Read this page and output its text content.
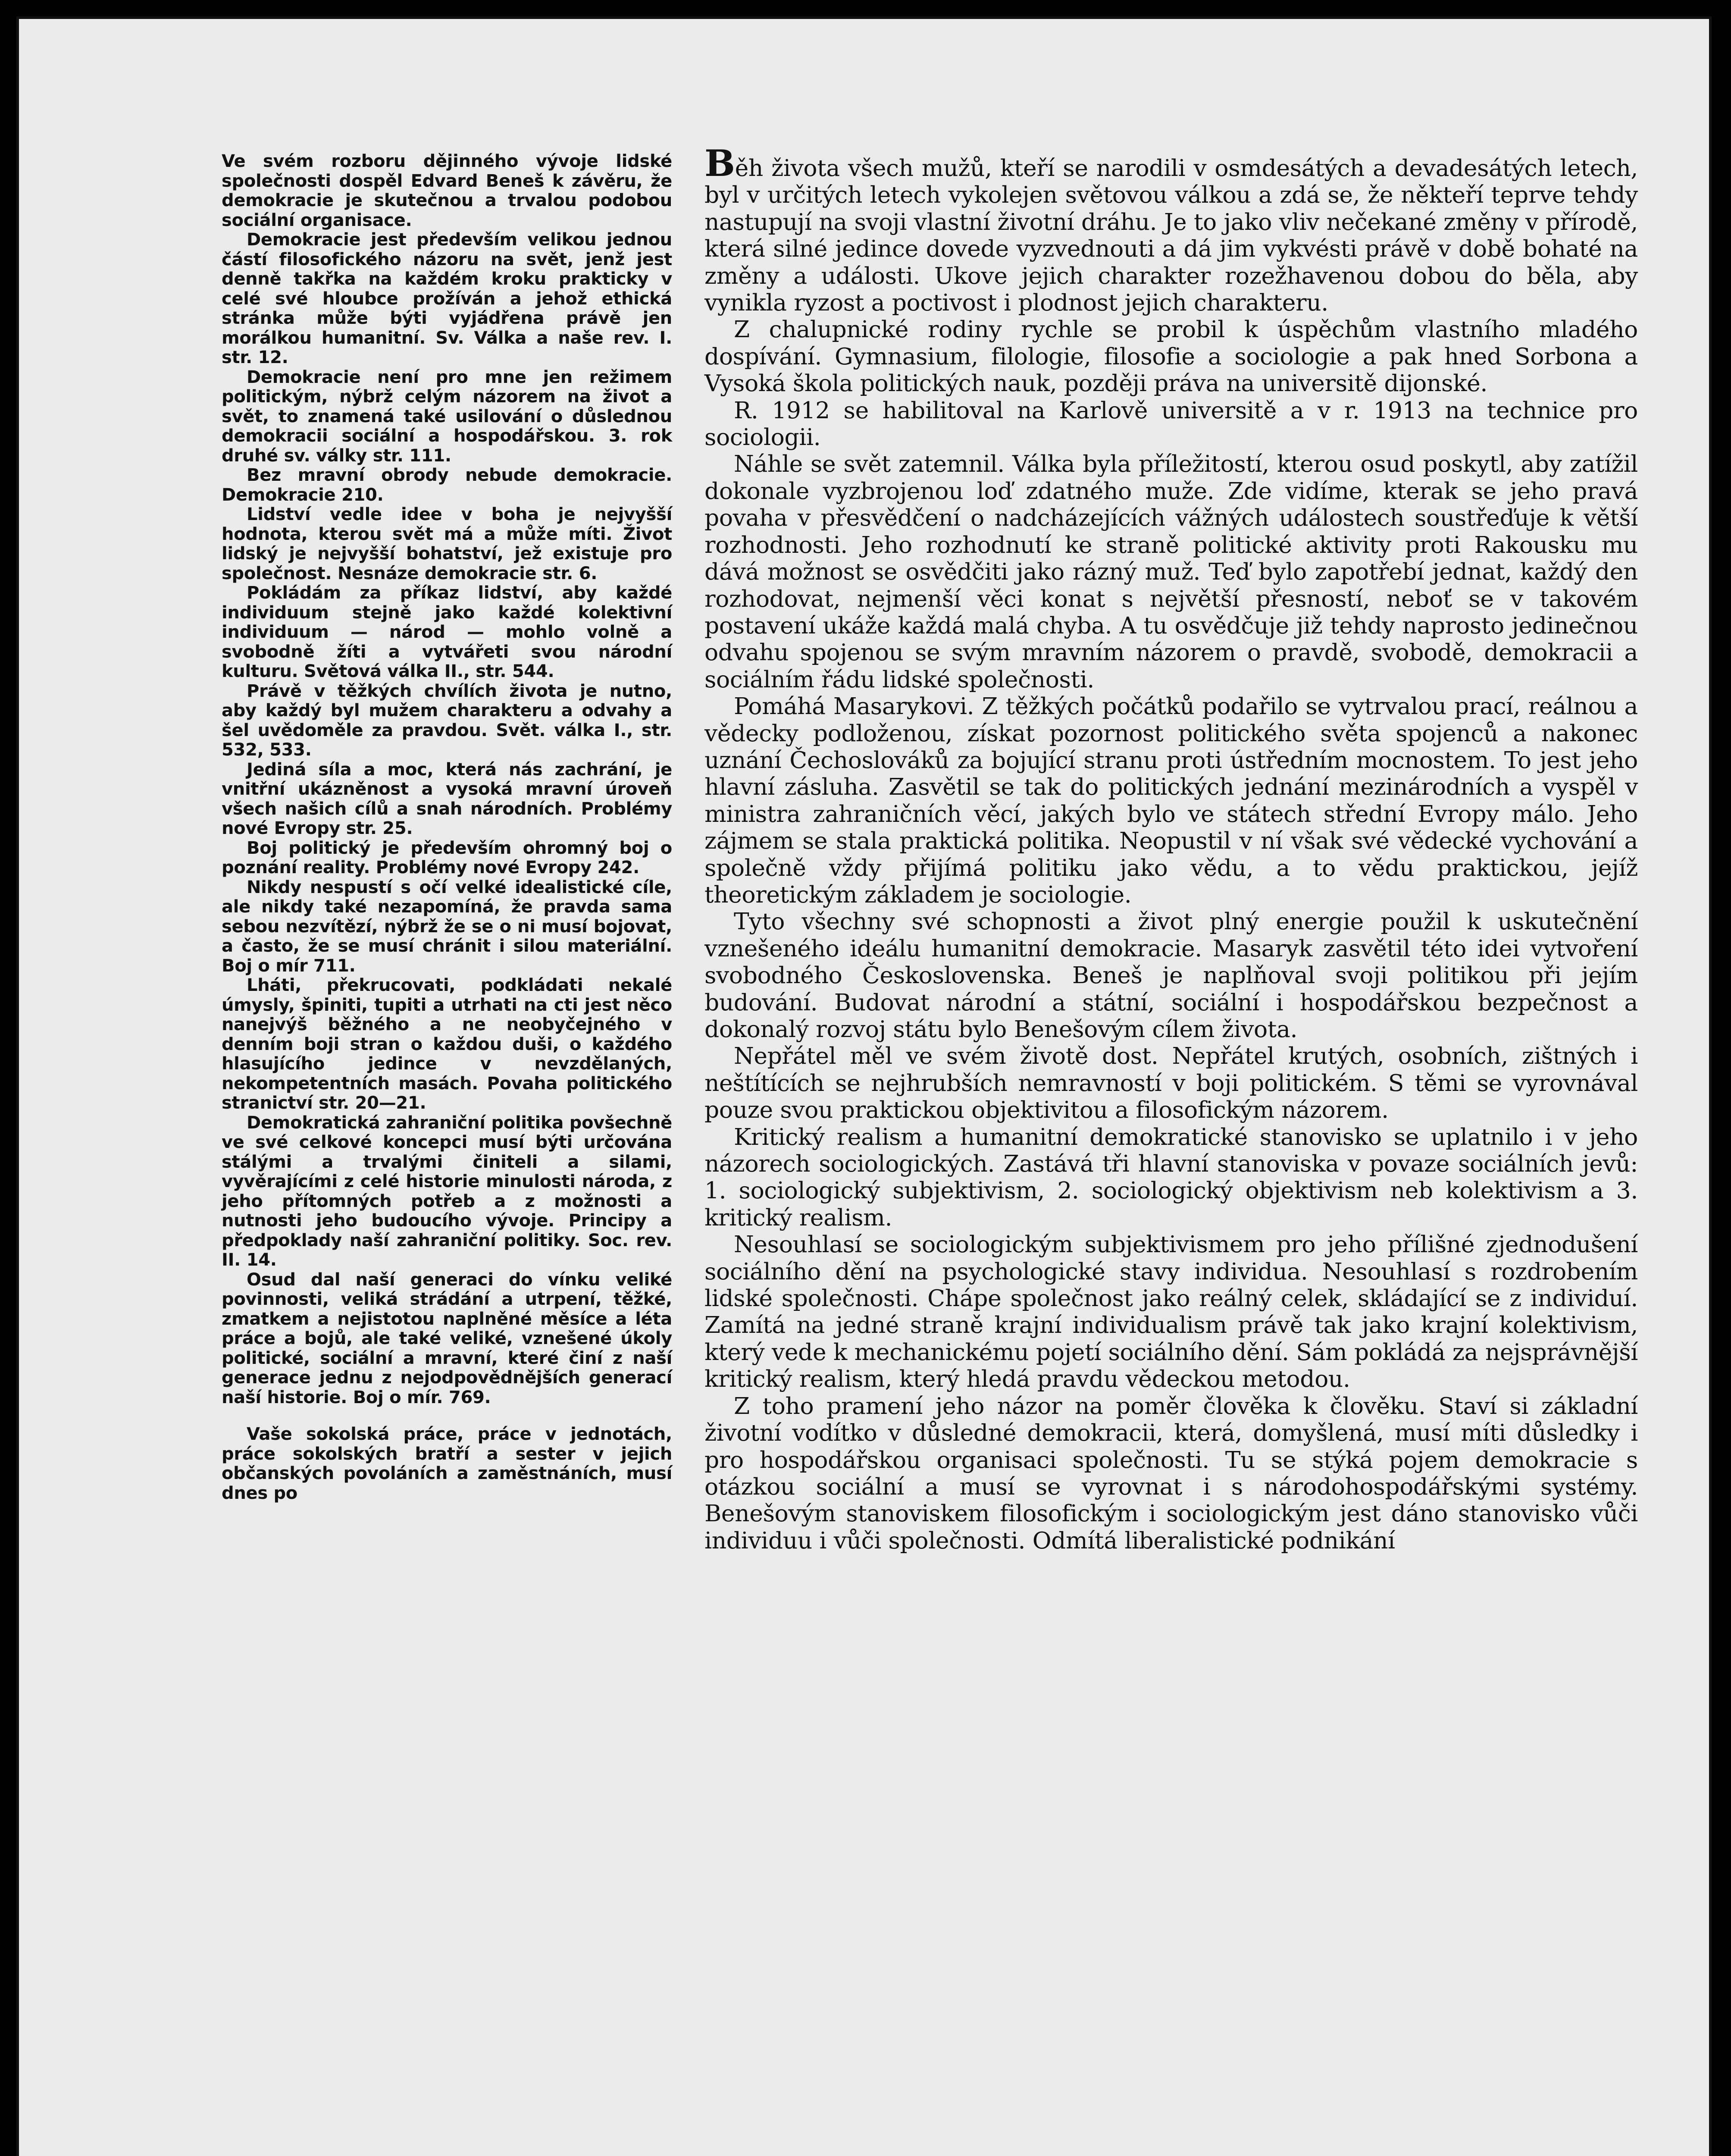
Ve svém rozboru dějinného vývoje lidské společnosti dospěl Edvard Beneš k závěru, že demokracie je skutečnou a trvalou podobou sociální organisace.

Demokracie jest především velikou jednou částí filosofického názoru na svět, jenž jest denně takřka na každém kroku prakticky v celé své hloubce prožíván a jehož ethická stránka může býti vyjádřena právě jen morálkou humanitní. Sv. Válka a naše rev. I. str. 12.

Demokracie není pro mne jen režimem politickým, nýbrž celým názorem na život a svět, to znamená také usilování o důslednou demokracii sociální a hospodářskou. 3. rok druhé sv. války str. 111.

Bez mravní obrody nebude demokracie. Demokracie 210.

Lidství vedle idee v boha je nejvyšší hodnota, kterou svět má a může míti. Život lidský je nejvyšší bohatství, jež existuje pro společnost. Nesnáze demokracie str. 6.

Pokládám za příkaz lidství, aby každé individuum stejně jako každé kolektivní individuum — národ — mohlo volně a svobodně žíti a vytvářeti svou národní kulturu. Světová válka II., str. 544.

Právě v těžkých chvílích života je nutno, aby každý byl mužem charakteru a odvahy a šel uvědoměle za pravdou. Svět. válka I., str. 532, 533.

Jediná síla a moc, která nás zachrání, je vnitřní ukázněnost a vysoká mravní úroveň všech našich cílů a snah národních. Problémy nové Evropy str. 25.

Boj politický je především ohromný boj o poznání reality. Problémy nové Evropy 242.

Nikdy nespustí s očí velké idealistické cíle, ale nikdy také nezapomíná, že pravda sama sebou nezvítězí, nýbrž že se o ni musí bojovat, a často, že se musí chránit i silou materiální. Boj o mír 711.

Lháti, překrucovati, podkládati nekalé úmysly, špiniti, tupiti a utrhati na cti jest něco nanejvýš běžného a ne neobyčejného v denním boji stran o každou duši, o každého hlasujícího jedince v nevzdělaných, nekompetentních masách. Povaha politického stranictví str. 20—21.

Demokratická zahraniční politika povšechně ve své celkové koncepci musí býti určována stálými a trvalými činiteli a silami, vyvěrajícími z celé historie minulosti národa, z jeho přítomných potřeb a z možnosti a nutnosti jeho budoucího vývoje. Principy a předpoklady naší zahraniční politiky. Soc. rev. II. 14.

Osud dal naší generaci do vínku veliké povinnosti, veliká strádání a utrpení, těžké, zmatkem a nejistotou naplněné měsíce a léta práce a bojů, ale také veliké, vznešené úkoly politické, sociální a mravní, které činí z naší generace jednu z nejodpovědnějších generací naší historie. Boj o mír. 769.

Vaše sokolská práce, práce v jednotách, práce sokolských bratří a sester v jejich občanských povoláních a zaměstnáních, musí dnes po

Běh života všech mužů, kteří se narodili v osmdesátých a devadesátých letech, byl v určitých letech vykolejen světovou válkou a zdá se, že někteří teprve tehdy nastupují na svoji vlastní životní dráhu. Je to jako vliv nečekané změny v přírodě, která silné jedince dovede vyzvednouti a dá jim vykvésti právě v době bohaté na změny a události. Ukove jejich charakter rozežhavenou dobou do běla, aby vynikla ryzost a poctivost i plodnost jejich charakteru.

Z chalupnické rodiny rychle se probil k úspěchům vlastního mladého dospívání. Gymnasium, filologie, filosofie a sociologie a pak hned Sorbona a Vysoká škola politických nauk, později práva na universitě dijonské.

R. 1912 se habilitoval na Karlově universitě a v r. 1913 na technice pro sociologii.

Náhle se svět zatemnil. Válka byla příležitostí, kterou osud poskytl, aby zatížil dokonale vyzbrojenou loď zdatného muže. Zde vidíme, kterak se jeho pravá povaha v přesvědčení o nadcházejících vážných událostech soustřeďuje k větší rozhodnosti. Jeho rozhodnutí ke straně politické aktivity proti Rakousku mu dává možnost se osvědčiti jako rázný muž. Teď bylo zapotřebí jednat, každý den rozhodovat, nejmenší věci konat s největší přesností, neboť se v takovém postavení ukáže každá malá chyba. A tu osvědčuje již tehdy naprosto jedinečnou odvahu spojenou se svým mravním názorem o pravdě, svobodě, demokracii a sociálním řádu lidské společnosti.

Pomáhá Masarykovi. Z těžkých počátků podařilo se vytrvalou prací, reálnou a vědecky podloženou, získat pozornost politického světa spojenců a nakonec uznání Čechoslováků za bojující stranu proti ústředním mocnostem. To jest jeho hlavní zásluha. Zasvětil se tak do politických jednání mezinárodních a vyspěl v ministra zahraničních věcí, jakých bylo ve státech střední Evropy málo. Jeho zájmem se stala praktická politika. Neopustil v ní však své vědecké vychování a společně vždy přijímá politiku jako vědu, a to vědu praktickou, jejíž theoretickým základem je sociologie.

Tyto všechny své schopnosti a život plný energie použil k uskutečnění vznešeného ideálu humanitní demokracie. Masaryk zasvětil této idei vytvoření svobodného Československa. Beneš je naplňoval svoji politikou při jejím budování. Budovat národní a státní, sociální i hospodářskou bezpečnost a dokonalý rozvoj státu bylo Benešovým cílem života.

Nepřátel měl ve svém životě dost. Nepřátel krutých, osobních, zištných i neštítících se nejhrubších nemravností v boji politickém. S těmi se vyrovnával pouze svou praktickou objektivitou a filosofickým názorem.

Kritický realism a humanitní demokratické stanovisko se uplatnilo i v jeho názorech sociologických. Zastává tři hlavní stanoviska v povaze sociálních jevů: 1. sociologický subjektivism, 2. sociologický objektivism neb kolektivism a 3. kritický realism.

Nesouhlasí se sociologickým subjektivismem pro jeho přílišné zjednodušení sociálního dění na psychologické stavy individua. Nesouhlasí s rozdrobením lidské společnosti. Chápe společnost jako reálný celek, skládající se z individuí. Zamítá na jedné straně krajní individualism právě tak jako krajní kolektivism, který vede k mechanickému pojetí sociálního dění. Sám pokládá za nejsprávnější kritický realism, který hledá pravdu vědeckou metodou.

Z toho pramení jeho názor na poměr člověka k člověku. Staví si základní životní vodítko v důsledné demokracii, která, domyšlená, musí míti důsledky i pro hospodářskou organisaci společnosti. Tu se stýká pojem demokracie s otázkou sociální a musí se vyrovnat i s národohospodářskými systémy. Benešovým stanoviskem filosofickým i sociologickým jest dáno stanovisko vůči individuu i vůči společnosti. Odmítá liberalistické podnikání
